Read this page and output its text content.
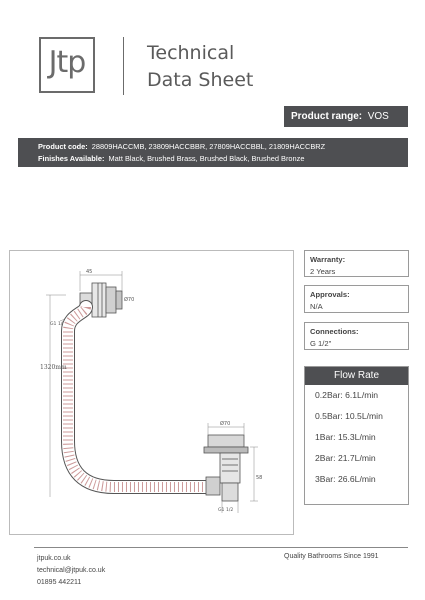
Jtp	Technical
Data Sheet
Product range: VOS
Product code: 28809HACCMB, 23809HACCBBR, 27809HACCBBL, 21809HACCBRZ
Finishes Available: Matt Black, Brushed Brass, Brushed Black, Brushed Bronze
45
Ø70
G1 1/2
1320mm
Ø70
58
G1 1/2
Warranty:
2 Years
Approvals:
N/A
Connections:
G 1/2"
Flow Rate
0.2Bar: 6.1L/min
0.5Bar: 10.5L/min
1Bar: 15.3L/min
2Bar: 21.7L/min
3Bar: 26.6L/min
jtpuk.co.uk
technical@jtpuk.co.uk
01895 442211
Quality Bathrooms Since 1991
